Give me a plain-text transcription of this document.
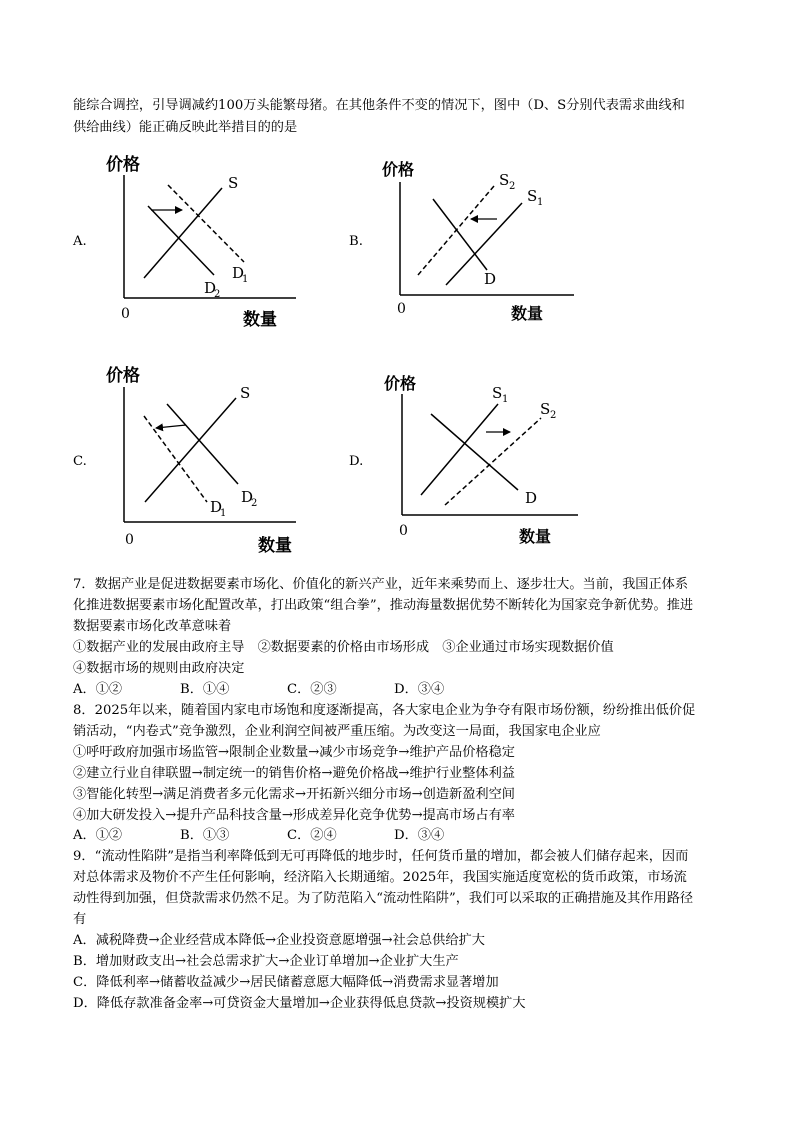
能综合调控，引导调减约100万头能繁母猪。在其他条件不变的情况下，图中（D、S分别代表需求曲线和
供给曲线）能正确反映此举措目的的是
A.
价格
数量
0
S
D
2
D
1
B.
价格
数量
0
S 2
S 1
D
C.
价格
数量
0
S
D
2
D
1
D.
价格
数量
0
S 1
S 2
D
7．数据产业是促进数据要素市场化、价值化的新兴产业，近年来乘势而上、逐步壮大。当前，我国正体系
化推进数据要素市场化配置改革，打出政策“组合拳”，推动海量数据优势不断转化为国家竞争新优势。推进
数据要素市场化改革意味着
①数据产业的发展由政府主导　②数据要素的价格由市场形成　③企业通过市场实现数据价值
④数据市场的规则由政府决定
A．①②	B．①④	C．②③	D．③④
8．2025年以来，随着国内家电市场饱和度逐渐提高，各大家电企业为争夺有限市场份额，纷纷推出低价促
销活动，“内卷式”竞争激烈，企业利润空间被严重压缩。为改变这一局面，我国家电企业应
①呼吁政府加强市场监管→限制企业数量→减少市场竞争→维护产品价格稳定
②建立行业自律联盟→制定统一的销售价格→避免价格战→维护行业整体利益
③智能化转型→满足消费者多元化需求→开拓新兴细分市场→创造新盈利空间
④加大研发投入→提升产品科技含量→形成差异化竞争优势→提高市场占有率
A．①②	B．①③	C．②④	D．③④
9．“流动性陷阱”是指当利率降低到无可再降低的地步时，任何货币量的增加，都会被人们储存起来，因而
对总体需求及物价不产生任何影响，经济陷入长期通缩。2025年，我国实施适度宽松的货币政策，市场流
动性得到加强，但贷款需求仍然不足。为了防范陷入“流动性陷阱”，我们可以采取的正确措施及其作用路径
有
A．减税降费→企业经营成本降低→企业投资意愿增强→社会总供给扩大
B．增加财政支出→社会总需求扩大→企业订单增加→企业扩大生产
C．降低利率→储蓄收益减少→居民储蓄意愿大幅降低→消费需求显著增加
D．降低存款准备金率→可贷资金大量增加→企业获得低息贷款→投资规模扩大
